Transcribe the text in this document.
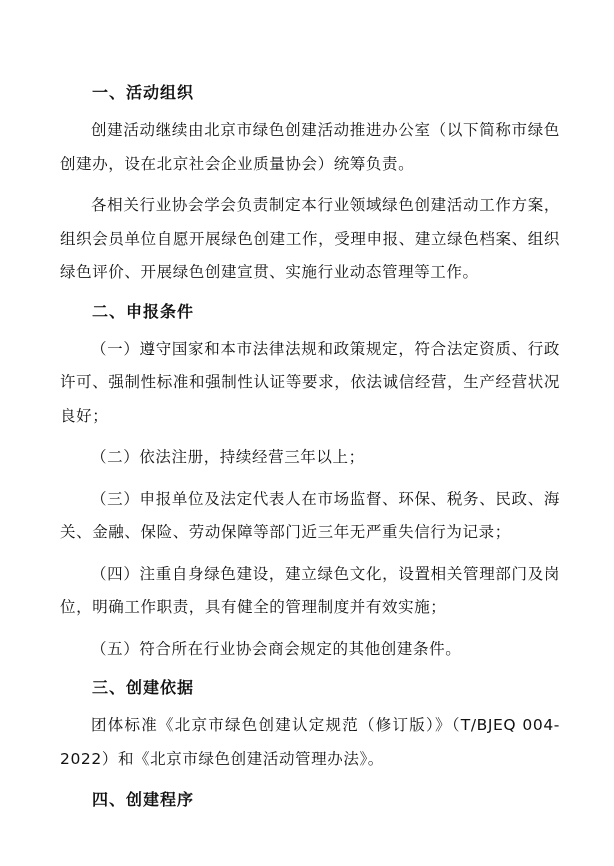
一、活动组织

创建活动继续由北京市绿色创建活动推进办公室（以下简称市绿色创建办，设在北京社会企业质量协会）统筹负责。

各相关行业协会学会负责制定本行业领域绿色创建活动工作方案，组织会员单位自愿开展绿色创建工作，受理申报、建立绿色档案、组织绿色评价、开展绿色创建宣贯、实施行业动态管理等工作。

二、申报条件

（一）遵守国家和本市法律法规和政策规定，符合法定资质、行政许可、强制性标准和强制性认证等要求，依法诚信经营，生产经营状况良好；

（二）依法注册，持续经营三年以上；

（三）申报单位及法定代表人在市场监督、环保、税务、民政、海关、金融、保险、劳动保障等部门近三年无严重失信行为记录；

（四）注重自身绿色建设，建立绿色文化，设置相关管理部门及岗位，明确工作职责，具有健全的管理制度并有效实施；

（五）符合所在行业协会商会规定的其他创建条件。

三、创建依据

团体标准《北京市绿色创建认定规范（修订版）》（T/BJEQ 004-2022）和《北京市绿色创建活动管理办法》。

四、创建程序
